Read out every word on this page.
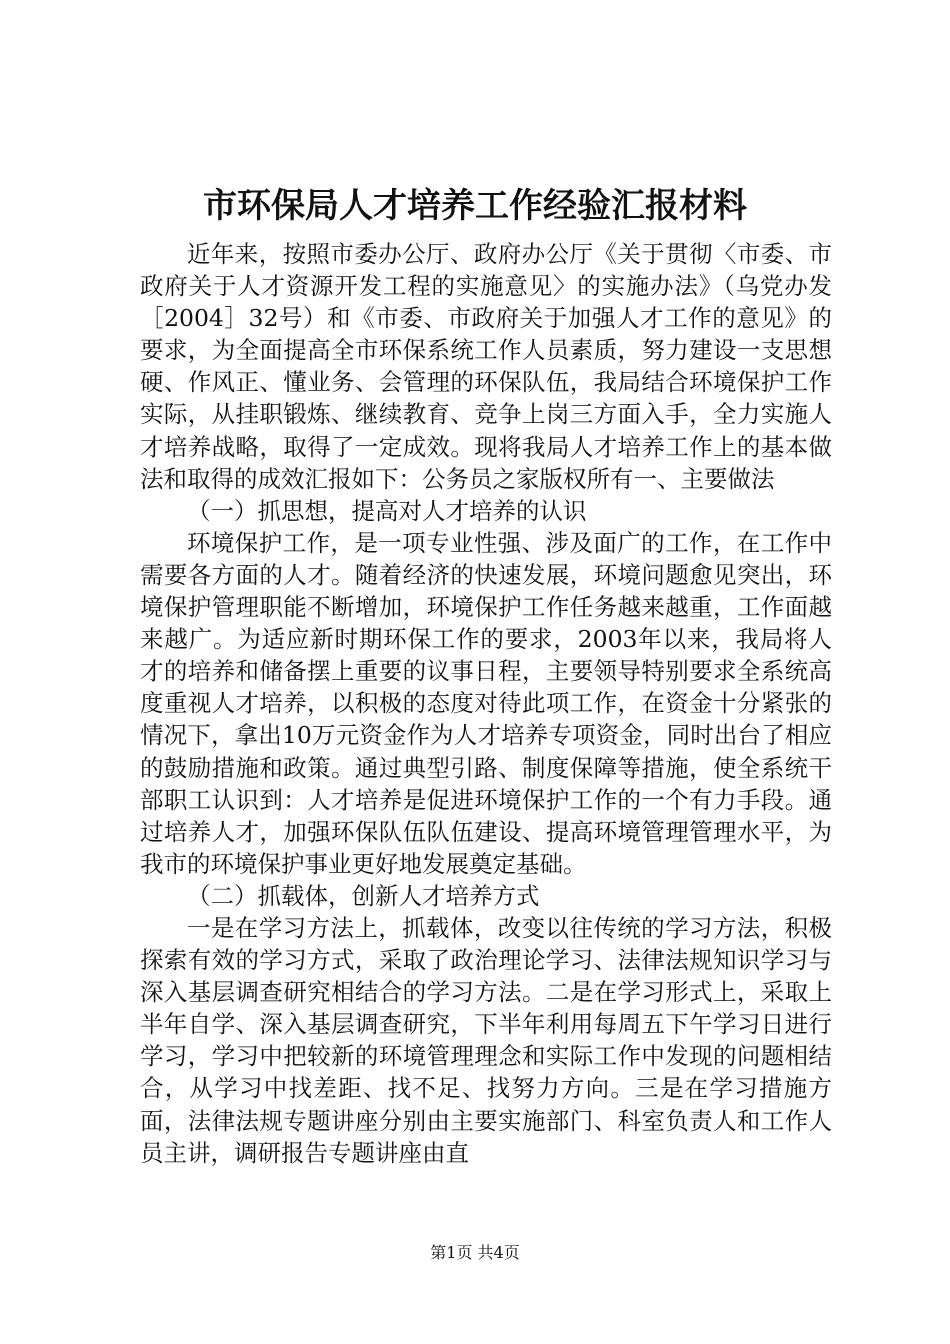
市环保局人才培养工作经验汇报材料

近年来，按照市委办公厅、政府办公厅《关于贯彻〈市委、市政府关于人才资源开发工程的实施意见〉的实施办法》（乌党办发［2004］32号）和《市委、市政府关于加强人才工作的意见》的要求，为全面提高全市环保系统工作人员素质，努力建设一支思想硬、作风正、懂业务、会管理的环保队伍，我局结合环境保护工作实际，从挂职锻炼、继续教育、竞争上岗三方面入手，全力实施人才培养战略，取得了一定成效。现将我局人才培养工作上的基本做法和取得的成效汇报如下：公务员之家版权所有一、主要做法

（一）抓思想，提高对人才培养的认识

环境保护工作，是一项专业性强、涉及面广的工作，在工作中需要各方面的人才。随着经济的快速发展，环境问题愈见突出，环境保护管理职能不断增加，环境保护工作任务越来越重，工作面越来越广。为适应新时期环保工作的要求，2003年以来，我局将人才的培养和储备摆上重要的议事日程，主要领导特别要求全系统高度重视人才培养，以积极的态度对待此项工作，在资金十分紧张的情况下，拿出10万元资金作为人才培养专项资金，同时出台了相应的鼓励措施和政策。通过典型引路、制度保障等措施，使全系统干部职工认识到：人才培养是促进环境保护工作的一个有力手段。通过培养人才，加强环保队伍队伍建设、提高环境管理管理水平，为我市的环境保护事业更好地发展奠定基础。

（二）抓载体，创新人才培养方式

一是在学习方法上，抓载体，改变以往传统的学习方法，积极探索有效的学习方式，采取了政治理论学习、法律法规知识学习与深入基层调查研究相结合的学习方法。二是在学习形式上，采取上半年自学、深入基层调查研究，下半年利用每周五下午学习日进行学习，学习中把较新的环境管理理念和实际工作中发现的问题相结合，从学习中找差距、找不足、找努力方向。三是在学习措施方面，法律法规专题讲座分别由主要实施部门、科室负责人和工作人员主讲，调研报告专题讲座由直

第1页 共4页
